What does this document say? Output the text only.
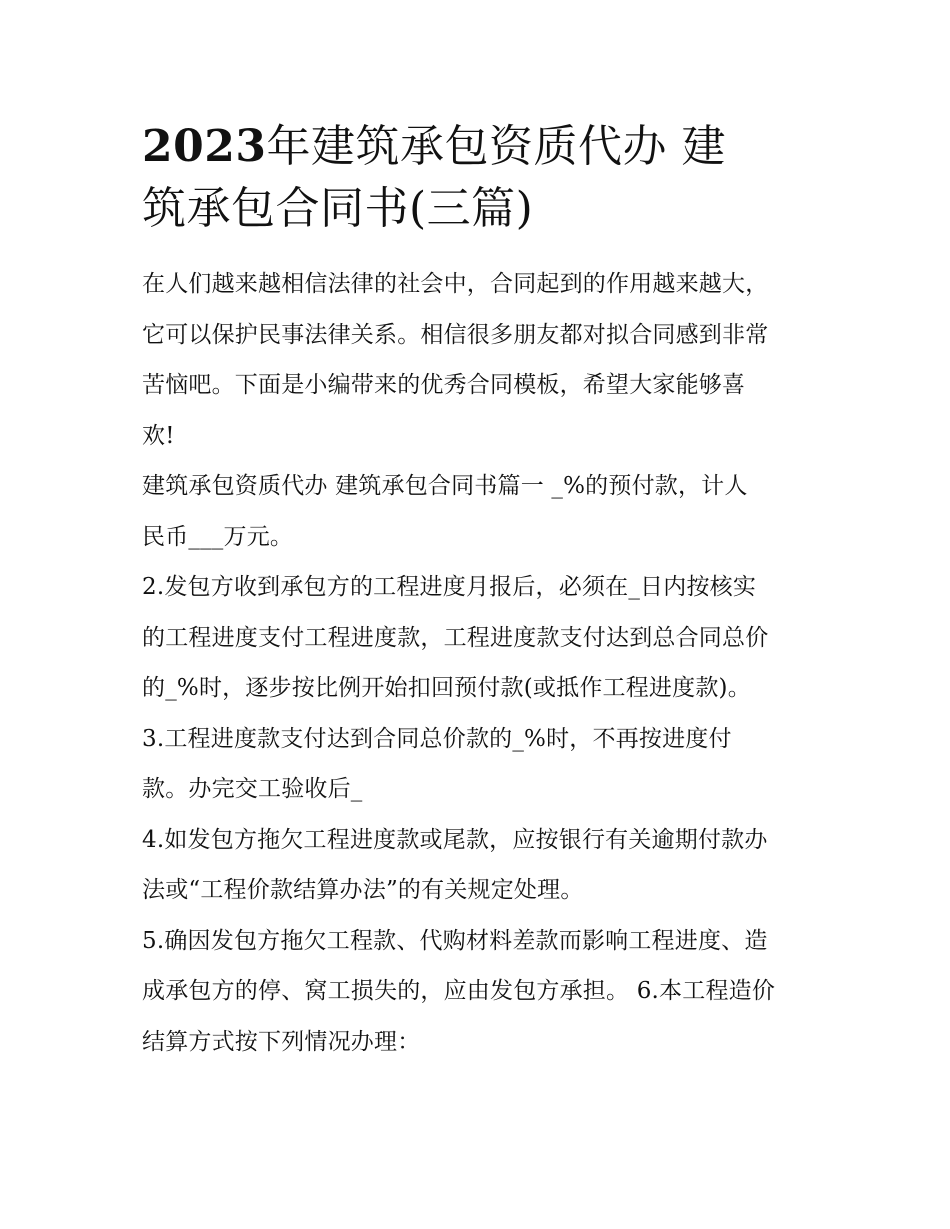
2023年建筑承包资质代办 建
筑承包合同书(三篇)

在人们越来越相信法律的社会中，合同起到的作用越来越大，
它可以保护民事法律关系。相信很多朋友都对拟合同感到非常
苦恼吧。下面是小编带来的优秀合同模板，希望大家能够喜
欢!

建筑承包资质代办 建筑承包合同书篇一 _%的预付款，计人
民币___万元。

2.发包方收到承包方的工程进度月报后，必须在_日内按核实
的工程进度支付工程进度款，工程进度款支付达到总合同总价
的_%时，逐步按比例开始扣回预付款(或抵作工程进度款)。

3.工程进度款支付达到合同总价款的_%时，不再按进度付
款。办完交工验收后_

4.如发包方拖欠工程进度款或尾款，应按银行有关逾期付款办
法或“工程价款结算办法”的有关规定处理。

5.确因发包方拖欠工程款、代购材料差款而影响工程进度、造
成承包方的停、窝工损失的，应由发包方承担。 6.本工程造价
结算方式按下列情况办理：
